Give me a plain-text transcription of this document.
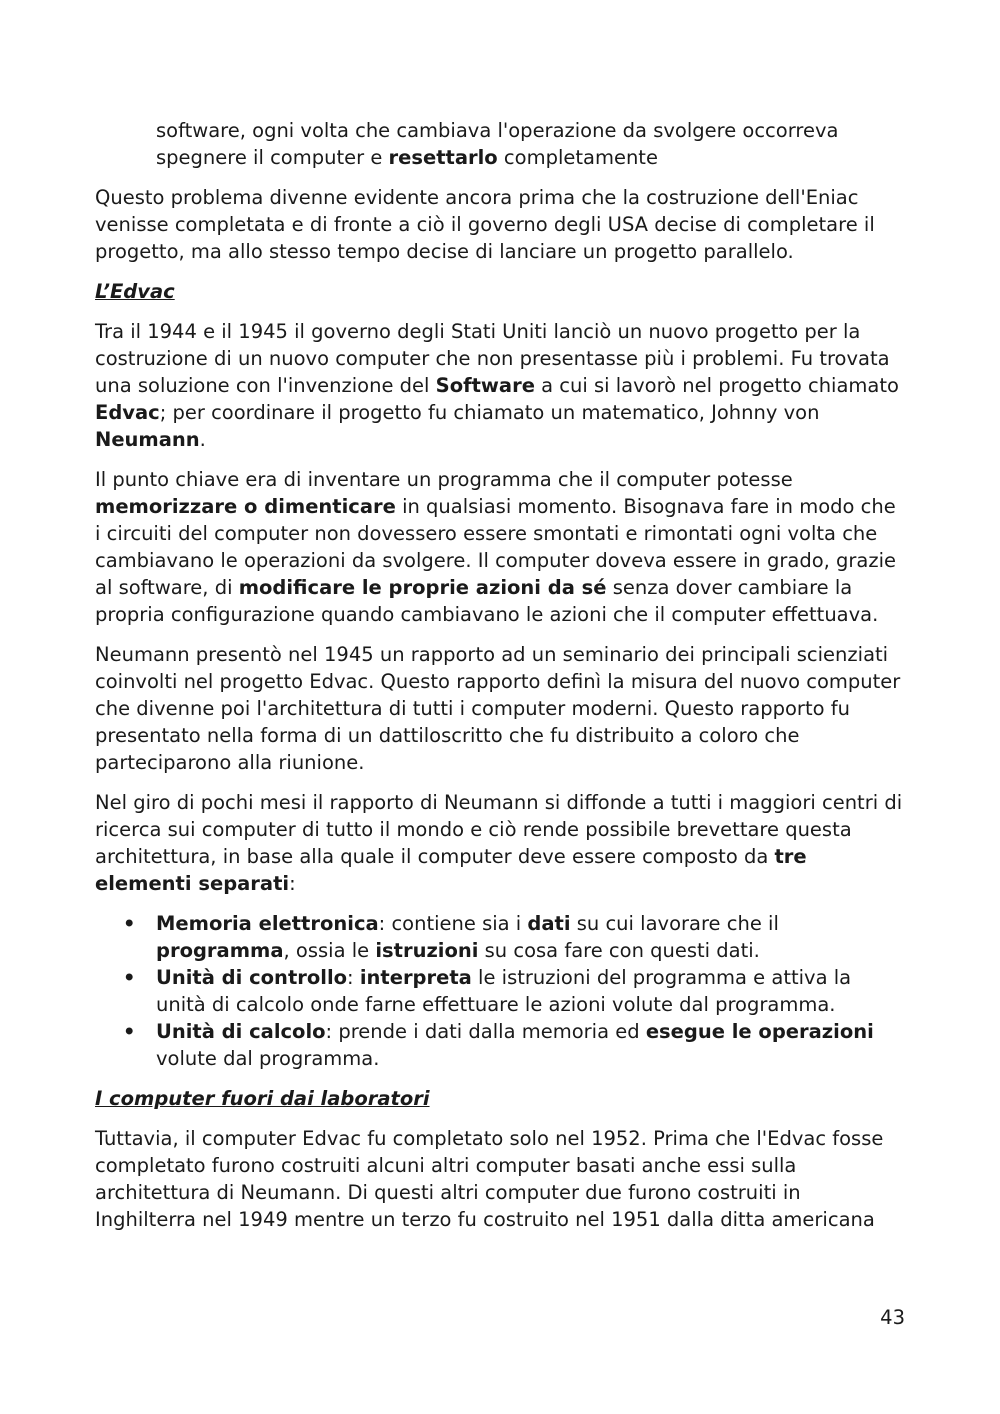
software, ogni volta che cambiava l'operazione da svolgere occorreva spegnere il computer e resettarlo completamente

Questo problema divenne evidente ancora prima che la costruzione dell'Eniac venisse completata e di fronte a ciò il governo degli USA decise di completare il progetto, ma allo stesso tempo decise di lanciare un progetto parallelo.

L’Edvac

Tra il 1944 e il 1945 il governo degli Stati Uniti lanciò un nuovo progetto per la costruzione di un nuovo computer che non presentasse più i problemi. Fu trovata una soluzione con l'invenzione del Software a cui si lavorò nel progetto chiamato Edvac; per coordinare il progetto fu chiamato un matematico, Johnny von Neumann.

Il punto chiave era di inventare un programma che il computer potesse memorizzare o dimenticare in qualsiasi momento. Bisognava fare in modo che i circuiti del computer non dovessero essere smontati e rimontati ogni volta che cambiavano le operazioni da svolgere. Il computer doveva essere in grado, grazie al software, di modificare le proprie azioni da sé senza dover cambiare la propria configurazione quando cambiavano le azioni che il computer effettuava.

Neumann presentò nel 1945 un rapporto ad un seminario dei principali scienziati coinvolti nel progetto Edvac. Questo rapporto definì la misura del nuovo computer che divenne poi l'architettura di tutti i computer moderni. Questo rapporto fu presentato nella forma di un dattiloscritto che fu distribuito a coloro che parteciparono alla riunione.

Nel giro di pochi mesi il rapporto di Neumann si diffonde a tutti i maggiori centri di ricerca sui computer di tutto il mondo e ciò rende possibile brevettare questa architettura, in base alla quale il computer deve essere composto da tre elementi separati:

• Memoria elettronica: contiene sia i dati su cui lavorare che il programma, ossia le istruzioni su cosa fare con questi dati.
• Unità di controllo: interpreta le istruzioni del programma e attiva la unità di calcolo onde farne effettuare le azioni volute dal programma.
• Unità di calcolo: prende i dati dalla memoria ed esegue le operazioni volute dal programma.
I computer fuori dai laboratori

Tuttavia, il computer Edvac fu completato solo nel 1952. Prima che l'Edvac fosse completato furono costruiti alcuni altri computer basati anche essi sulla architettura di Neumann. Di questi altri computer due furono costruiti in Inghilterra nel 1949 mentre un terzo fu costruito nel 1951 dalla ditta americana

43
